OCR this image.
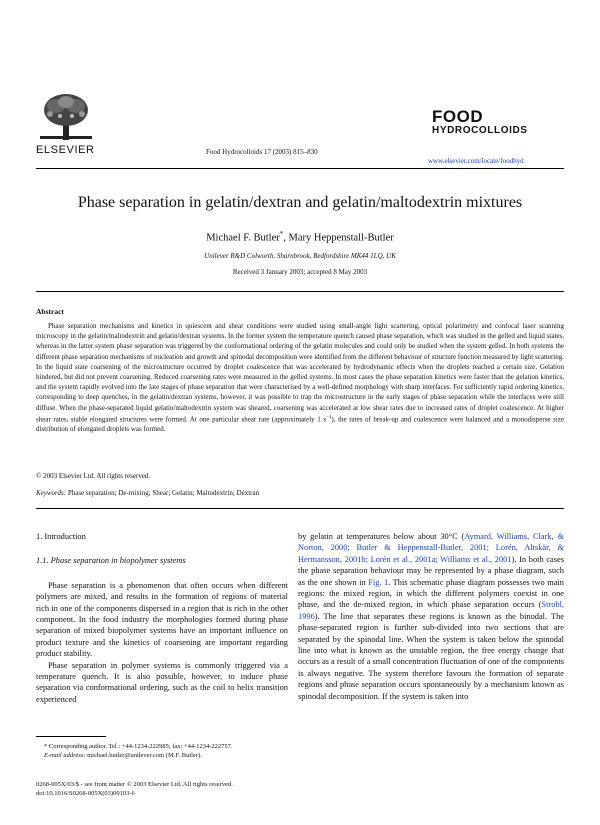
ELSEVIER	Food Hydrocolloids 17 (2003) 815–830
FOOD
HYDROCOLLOIDS
www.elsevier.com/locate/foodhyd
Phase separation in gelatin/dextran and gelatin/maltodextrin mixtures
Michael F. Butler*, Mary Heppenstall-Butler
Unilever R&D Colworth, Sharnbrook, Bedfordshire MK44 1LQ, UK
Received 3 January 2003; accepted 8 May 2003
Abstract

Phase separation mechanisms and kinetics in quiescent and shear conditions were studied using small-angle light scattering, optical polarimetry and confocal laser scanning microscopy in the gelatin/maltodextrin and gelatin/dextran systems. In the former system the temperature quench caused phase separation, which was studied in the gelled and liquid states, whereas in the latter system phase separation was triggered by the conformational ordering of the gelatin molecules and could only be studied when the system gelled. In both systems the different phase separation mechanisms of nucleation and growth and spinodal decomposition were identified from the different behaviour of structure function measured by light scattering. In the liquid state coarsening of the microstructure occurred by droplet coalescence that was accelerated by hydrodynamic effects when the droplets reached a certain size. Gelation hindered, but did not prevent coarsening. Reduced coarsening rates were measured in the gelled systems. In most cases the phase separation kinetics were faster than the gelation kinetics, and the system rapidly evolved into the late stages of phase separation that were characterised by a well-defined morphology with sharp interfaces. For sufficiently rapid ordering kinetics, corresponding to deep quenches, in the gelatin/dextran systems, however, it was possible to trap the microstructure in the early stages of phase separation while the interfaces were still diffuse. When the phase-separated liquid gelatin/maltodextrin system was sheared, coarsening was accelerated at low shear rates due to increased rates of droplet coalescence. At higher shear rates, stable elongated structures were formed. At one particular shear rate (approximately 1 $s^{-1}$), the rates of break-up and coalescence were balanced and a monodisperse size distribution of elongated droplets was formed.

© 2003 Elsevier Ltd. All rights reserved.
Keywords: Phase separation; De-mixing; Shear; Gelatin; Maltodextrin; Dextran
1. Introduction
1.1. Phase separation in biopolymer systems

Phase separation is a phenomenon that often occurs when different polymers are mixed, and results in the formation of regions of material rich in one of the components dispersed in a region that is rich in the other component. In the food industry the morphologies formed during phase separation of mixed biopolymer systems have an important influence on product texture and the kinetics of coarsening are important regarding product stability.

Phase separation in polymer systems is commonly triggered via a temperature quench. It is also possible, however, to induce phase separation via conformational ordering, such as the coil to helix transition experienced

by gelatin at temperatures below about 30°C (Aymard, Williams, Clark, & Norton, 2000; Butler & Heppenstall-Butler, 2001; Lorén, Altskär, & Hermansson, 2001b; Lorén et al., 2001a; Williams et al., 2001). In both cases the phase separation behaviour may be represented by a phase diagram, such as the one shown in Fig. 1. This schematic phase diagram possesses two main regions: the mixed region, in which the different polymers coexist in one phase, and the de-mixed region, in which phase separation occurs (Strobl, 1996). The line that separates these regions is known as the binodal. The phase-separated region is further sub-divided into two sections that are separated by the spinodal line. When the system is taken below the spinodal line into what is known as the unstable region, the free energy change that occurs as a result of a small concentration fluctuation of one of the components is always negative. The system therefore favours the formation of separate regions and phase separation occurs spontaneously by a mechanism known as spinodal decomposition. If the system is taken into

* Corresponding author. Tel.: +44-1234-222985; fax: +44-1234-222757.
E-mail address: michael.butler@unilever.com (M.F. Butler).
0268-005X/03/$ - see front matter © 2003 Elsevier Ltd. All rights reserved.
doi:10.1016/S0268-005X(03)00103-6
